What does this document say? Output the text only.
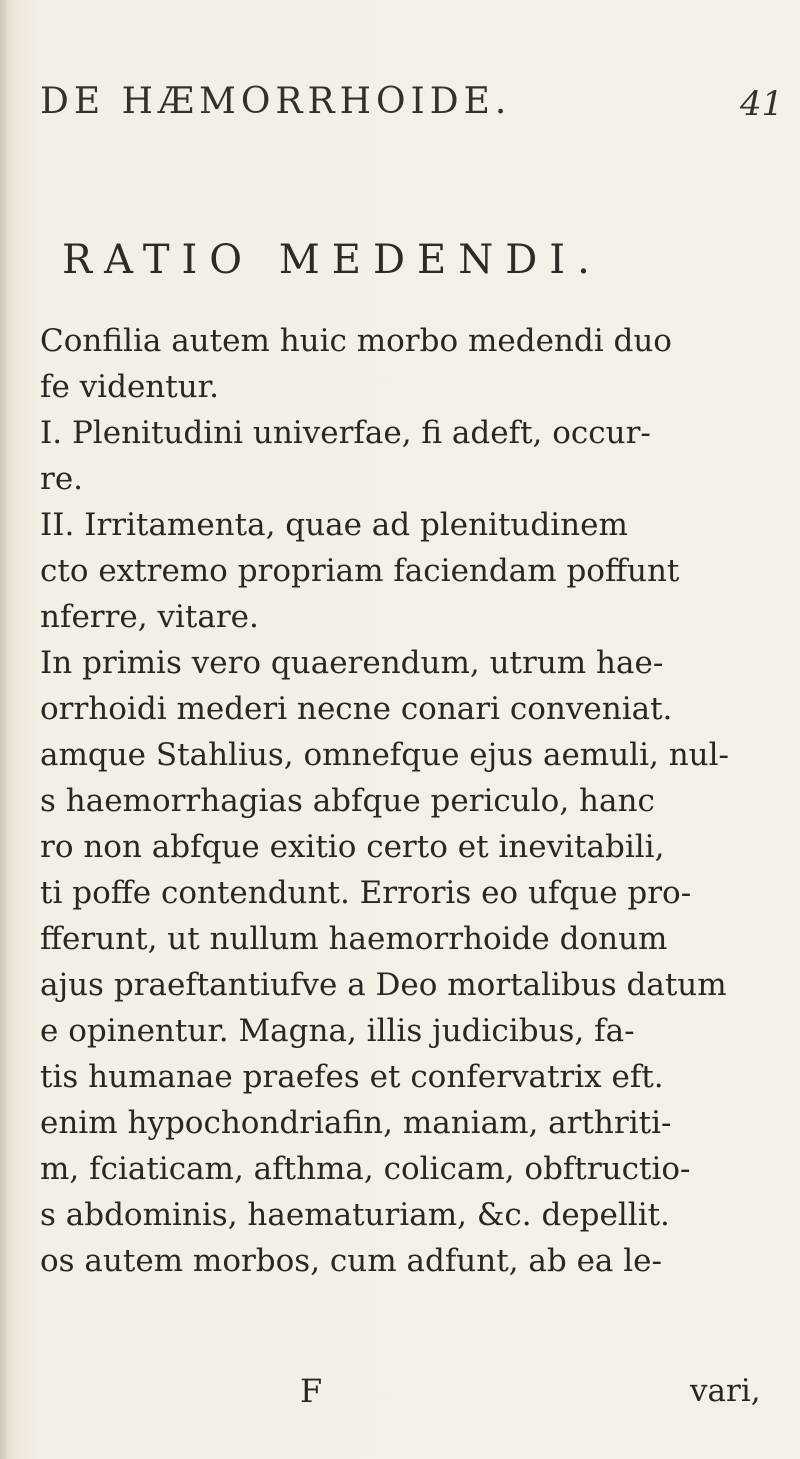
DE HÆMORRHOIDE.	41
RATIO MEDENDI.
Confilia autem huic morbo medendi duo
fe videntur.
I. Plenitudini univerfae, fi adeft, occur-
re.
II. Irritamenta, quae ad plenitudinem
cto extremo propriam faciendam poffunt
nferre, vitare.
In primis vero quaerendum, utrum hae-
orrhoidi mederi necne conari conveniat.
amque Stahlius, omnefque ejus aemuli, nul-
s haemorrhagias abfque periculo, hanc
ro non abfque exitio certo et inevitabili,
ti poffe contendunt. Erroris eo ufque pro-
fferunt, ut nullum haemorrhoide donum
ajus praeftantiufve a Deo mortalibus datum
e opinentur. Magna, illis judicibus, fa-
tis humanae praefes et confervatrix eft.
enim hypochondriafin, maniam, arthriti-
m, fciaticam, afthma, colicam, obftructio-
s abdominis, haematuriam, &c. depellit.
os autem morbos, cum adfunt, ab ea le-
F	vari,
